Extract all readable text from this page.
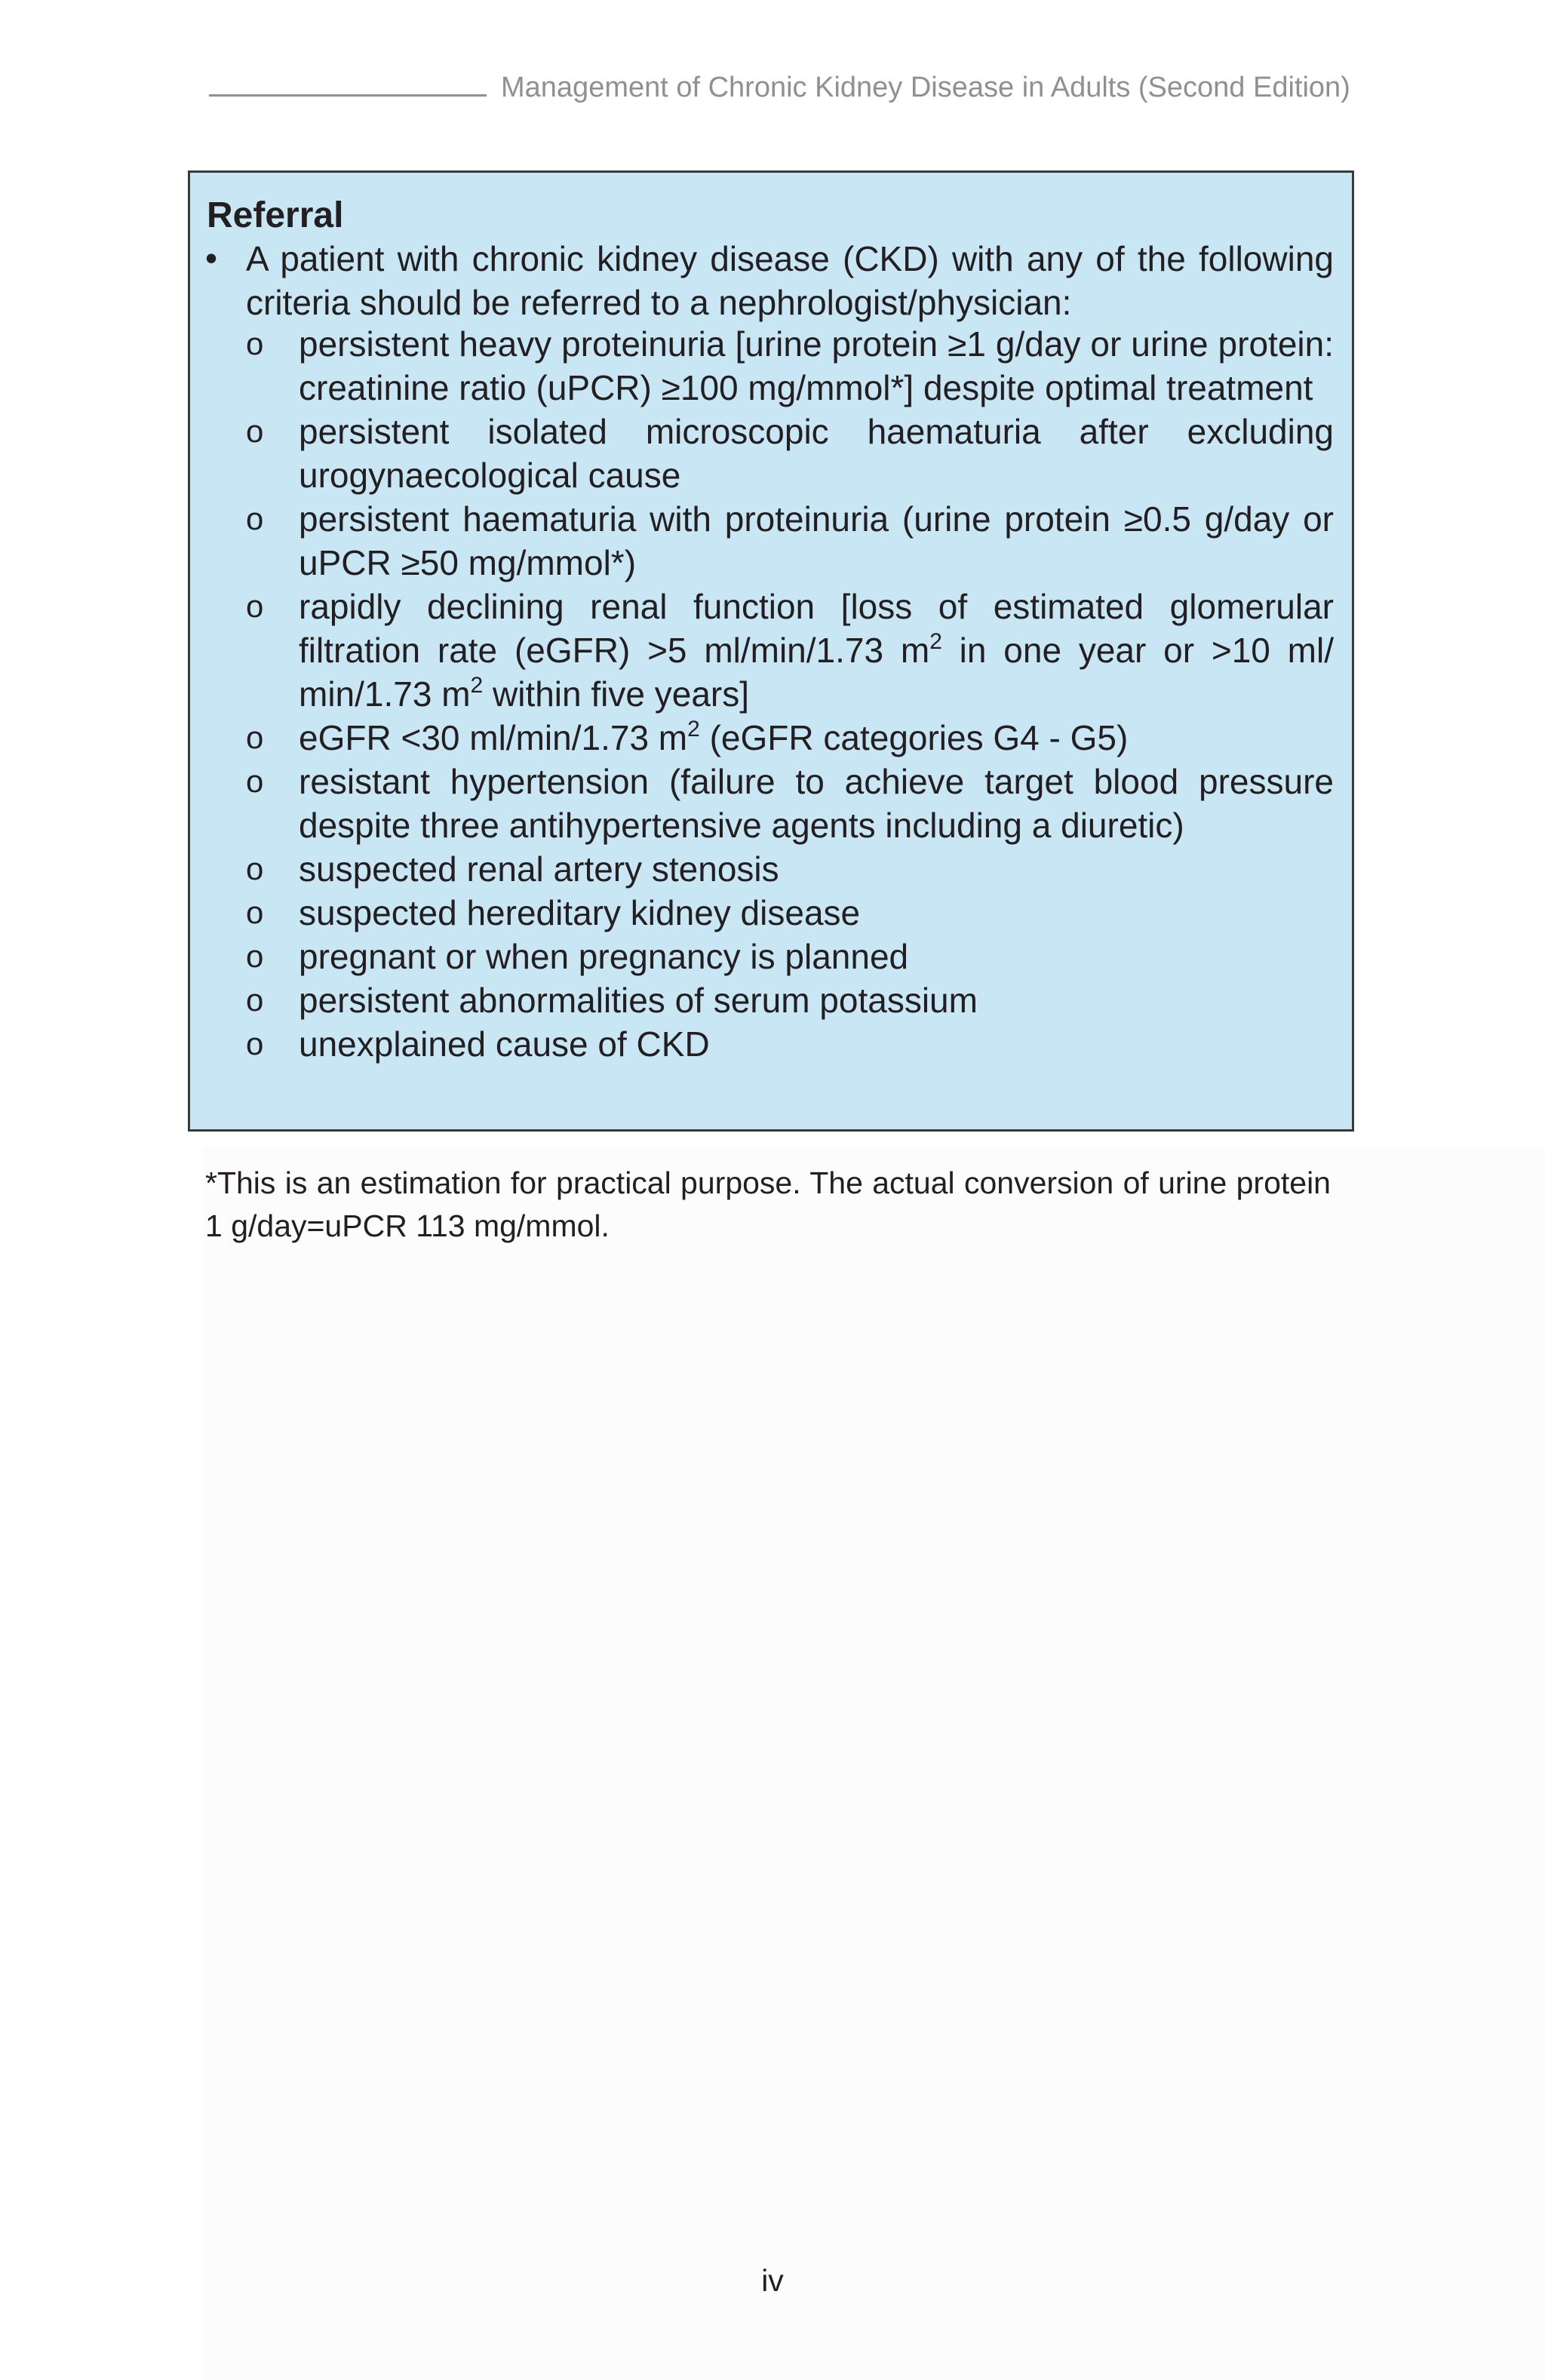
Management of Chronic Kidney Disease in Adults (Second Edition)
Referral
• A patient with chronic kidney disease (CKD) with any of the following criteria should be referred to a nephrologist/physician:
o persistent heavy proteinuria [urine protein ≥1 g/day or urine protein: creatinine ratio (uPCR) ≥100 mg/mmol*] despite optimal treatment
o persistent isolated microscopic haematuria after excluding urogynaecological cause
o persistent haematuria with proteinuria (urine protein ≥0.5 g/day or uPCR ≥50 mg/mmol*)
o rapidly declining renal function [loss of estimated glomerular filtration rate (eGFR) >5 ml/min/1.73 $m^2$ in one year or >10 ml/ min/1.73 $m^2$ within five years]
o eGFR <30 ml/min/1.73 $m^2$ (eGFR categories G4 - G5)
o resistant hypertension (failure to achieve target blood pressure despite three antihypertensive agents including a diuretic)
o suspected renal artery stenosis
o suspected hereditary kidney disease
o pregnant or when pregnancy is planned
o persistent abnormalities of serum potassium
o unexplained cause of CKD
*This is an estimation for practical purpose. The actual conversion of urine protein 1 g/day=uPCR 113 mg/mmol.
iv
